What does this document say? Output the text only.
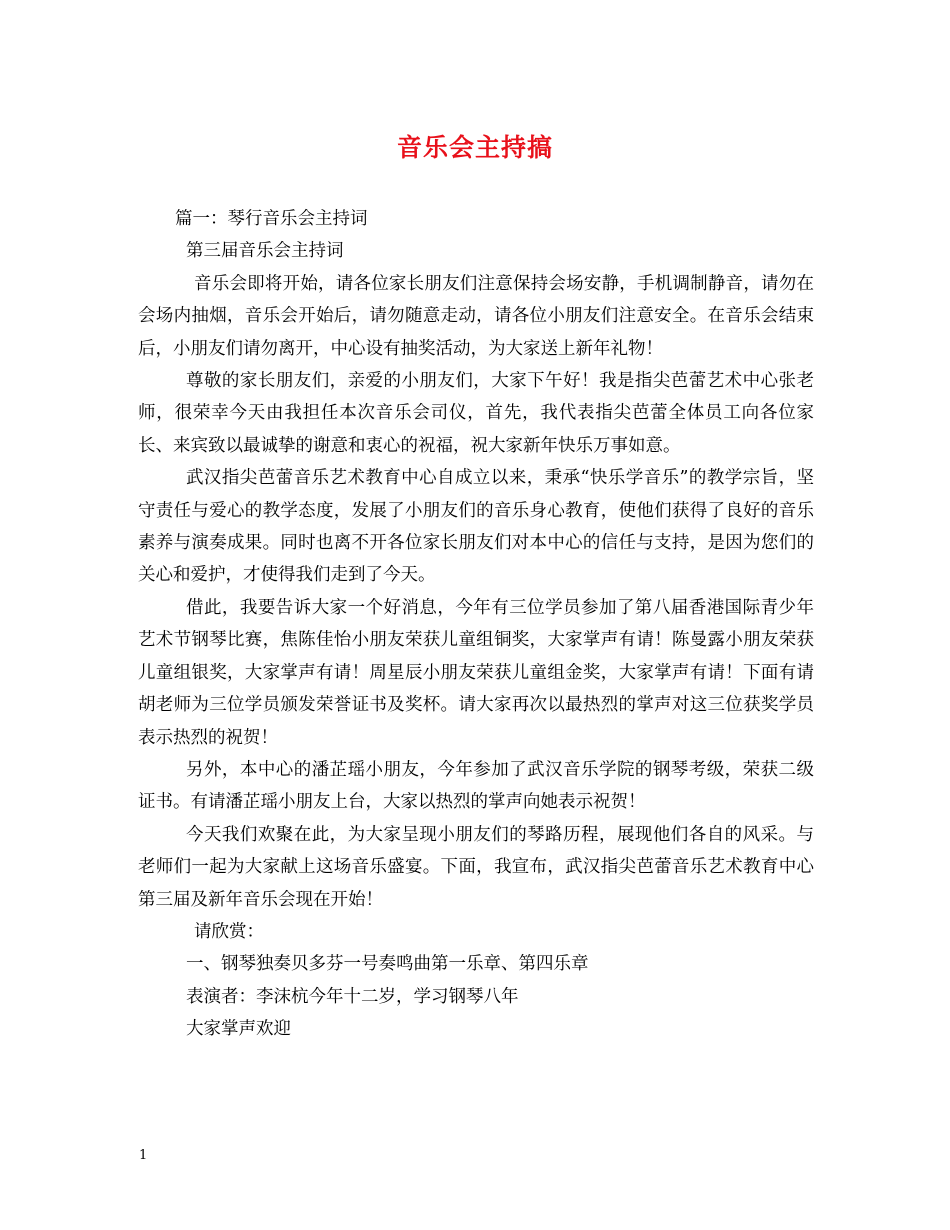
音乐会主持搞

篇一：琴行音乐会主持词

第三届音乐会主持词

音乐会即将开始，请各位家长朋友们注意保持会场安静，手机调制静音，请勿在会场内抽烟，音乐会开始后，请勿随意走动，请各位小朋友们注意安全。在音乐会结束后，小朋友们请勿离开，中心设有抽奖活动，为大家送上新年礼物！

尊敬的家长朋友们，亲爱的小朋友们，大家下午好！我是指尖芭蕾艺术中心张老师，很荣幸今天由我担任本次音乐会司仪，首先，我代表指尖芭蕾全体员工向各位家长、来宾致以最诚挚的谢意和衷心的祝福，祝大家新年快乐万事如意。

武汉指尖芭蕾音乐艺术教育中心自成立以来，秉承“快乐学音乐”的教学宗旨，坚守责任与爱心的教学态度，发展了小朋友们的音乐身心教育，使他们获得了良好的音乐素养与演奏成果。同时也离不开各位家长朋友们对本中心的信任与支持，是因为您们的关心和爱护，才使得我们走到了今天。

借此，我要告诉大家一个好消息，今年有三位学员参加了第八届香港国际青少年艺术节钢琴比赛，焦陈佳怡小朋友荣获儿童组铜奖，大家掌声有请！陈曼露小朋友荣获儿童组银奖，大家掌声有请！周星辰小朋友荣获儿童组金奖，大家掌声有请！下面有请胡老师为三位学员颁发荣誉证书及奖杯。请大家再次以最热烈的掌声对这三位获奖学员表示热烈的祝贺！

另外，本中心的潘芷瑶小朋友，今年参加了武汉音乐学院的钢琴考级，荣获二级证书。有请潘芷瑶小朋友上台，大家以热烈的掌声向她表示祝贺！

今天我们欢聚在此，为大家呈现小朋友们的琴路历程，展现他们各自的风采。与老师们一起为大家献上这场音乐盛宴。下面，我宣布，武汉指尖芭蕾音乐艺术教育中心第三届及新年音乐会现在开始！

请欣赏：

一、钢琴独奏贝多芬一号奏鸣曲第一乐章、第四乐章

表演者：李沫杭今年十二岁，学习钢琴八年

大家掌声欢迎

1
